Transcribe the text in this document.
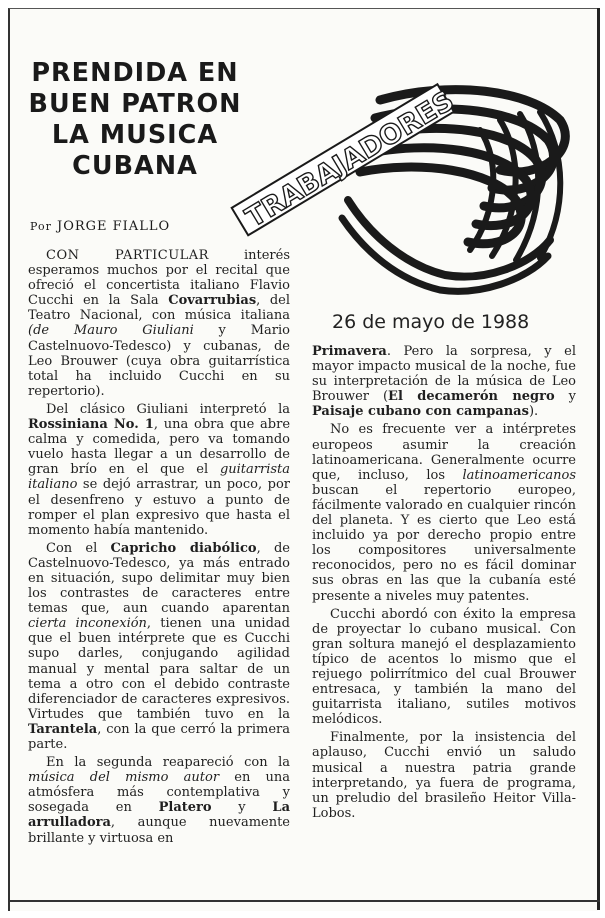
PRENDIDA EN
BUEN PATRON
LA MUSICA
CUBANA
Por JORGE FIALLO	TRABAJADORES
26 de mayo de 1988

CON PARTICULAR interés esperamos muchos por el recital que ofreció el concertista italiano Flavio Cucchi en la Sala Covarrubias, del Teatro Nacional, con música italiana (de Mauro Giuliani y Mario Castelnuovo-Tedesco) y cubanas, de Leo Brouwer (cuya obra guitarrística total ha incluido Cucchi en su repertorio).

Del clásico Giuliani interpretó la Rossiniana No. 1, una obra que abre calma y comedida, pero va tomando vuelo hasta llegar a un desarrollo de gran brío en el que el guitarrista italiano se dejó arrastrar, un poco, por el desenfreno y estuvo a punto de romper el plan expresivo que hasta el momento había mantenido.

Con el Capricho diabólico, de Castelnuovo-Tedesco, ya más entrado en situación, supo delimitar muy bien los contrastes de caracteres entre temas que, aun cuando aparentan cierta inconexión, tienen una unidad que el buen intérprete que es Cucchi supo darles, conjugando agilidad manual y mental para saltar de un tema a otro con el debido contraste diferenciador de caracteres expresivos. Virtudes que también tuvo en la Tarantela, con la que cerró la primera parte.

En la segunda reapareció con la música del mismo autor en una atmósfera más contemplativa y sosegada en Platero y La arrulladora, aunque nuevamente brillante y virtuosa en

Primavera. Pero la sorpresa, y el mayor impacto musical de la noche, fue su interpretación de la música de Leo Brouwer (El decamerón negro y Paisaje cubano con campanas).

No es frecuente ver a intérpretes europeos asumir la creación latinoamericana. Generalmente ocurre que, incluso, los latinoamericanos buscan el repertorio europeo, fácilmente valorado en cualquier rincón del planeta. Y es cierto que Leo está incluido ya por derecho propio entre los compositores universalmente reconocidos, pero no es fácil dominar sus obras en las que la cubanía esté presente a niveles muy patentes.

Cucchi abordó con éxito la empresa de proyectar lo cubano musical. Con gran soltura manejó el desplazamiento típico de acentos lo mismo que el rejuego polirrítmico del cual Brouwer entresaca, y también la mano del guitarrista italiano, sutiles motivos melódicos.

Finalmente, por la insistencia del aplauso, Cucchi envió un saludo musical a nuestra patria grande interpretando, ya fuera de programa, un preludio del brasileño Heitor Villa-Lobos.
